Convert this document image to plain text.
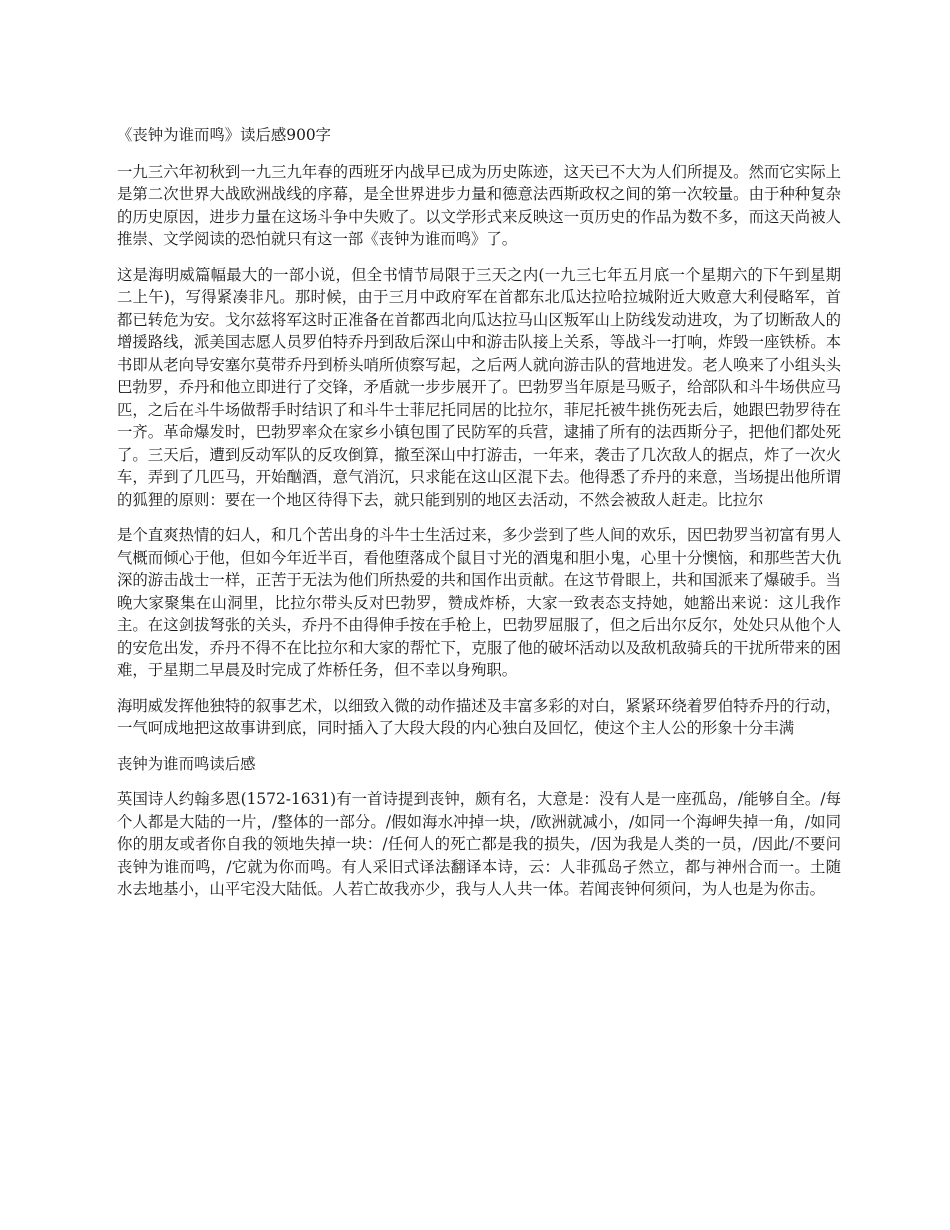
《丧钟为谁而鸣》读后感900字

一九三六年初秋到一九三九年春的西班牙内战早已成为历史陈迹，这天已不大为人们所提及。然而它实际上是第二次世界大战欧洲战线的序幕，是全世界进步力量和德意法西斯政权之间的第一次较量。由于种种复杂的历史原因，进步力量在这场斗争中失败了。以文学形式来反映这一页历史的作品为数不多，而这天尚被人推崇、文学阅读的恐怕就只有这一部《丧钟为谁而鸣》了。

这是海明威篇幅最大的一部小说，但全书情节局限于三天之内(一九三七年五月底一个星期六的下午到星期二上午)，写得紧凑非凡。那时候，由于三月中政府军在首都东北瓜达拉哈拉城附近大败意大利侵略军，首都已转危为安。戈尔兹将军这时正准备在首都西北向瓜达拉马山区叛军山上防线发动进攻，为了切断敌人的增援路线，派美国志愿人员罗伯特乔丹到敌后深山中和游击队接上关系，等战斗一打响，炸毁一座铁桥。本书即从老向导安塞尔莫带乔丹到桥头哨所侦察写起，之后两人就向游击队的营地进发。老人唤来了小组头头巴勃罗，乔丹和他立即进行了交锋，矛盾就一步步展开了。巴勃罗当年原是马贩子，给部队和斗牛场供应马匹，之后在斗牛场做帮手时结识了和斗牛士菲尼托同居的比拉尔，菲尼托被牛挑伤死去后，她跟巴勃罗待在一齐。革命爆发时，巴勃罗率众在家乡小镇包围了民防军的兵营，逮捕了所有的法西斯分子，把他们都处死了。三天后，遭到反动军队的反攻倒算，撤至深山中打游击，一年来，袭击了几次敌人的据点，炸了一次火车，弄到了几匹马，开始酗酒，意气消沉，只求能在这山区混下去。他得悉了乔丹的来意，当场提出他所谓的狐狸的原则：要在一个地区待得下去，就只能到别的地区去活动，不然会被敌人赶走。比拉尔

是个直爽热情的妇人，和几个苦出身的斗牛士生活过来，多少尝到了些人间的欢乐，因巴勃罗当初富有男人气概而倾心于他，但如今年近半百，看他堕落成个鼠目寸光的酒鬼和胆小鬼，心里十分懊恼，和那些苦大仇深的游击战士一样，正苦于无法为他们所热爱的共和国作出贡献。在这节骨眼上，共和国派来了爆破手。当晚大家聚集在山洞里，比拉尔带头反对巴勃罗，赞成炸桥，大家一致表态支持她，她豁出来说：这儿我作主。在这剑拔弩张的关头，乔丹不由得伸手按在手枪上，巴勃罗屈服了，但之后出尔反尔，处处只从他个人的安危出发，乔丹不得不在比拉尔和大家的帮忙下，克服了他的破坏活动以及敌机敌骑兵的干扰所带来的困难，于星期二早晨及时完成了炸桥任务，但不幸以身殉职。

海明威发挥他独特的叙事艺术，以细致入微的动作描述及丰富多彩的对白，紧紧环绕着罗伯特乔丹的行动，一气呵成地把这故事讲到底，同时插入了大段大段的内心独白及回忆，使这个主人公的形象十分丰满

丧钟为谁而鸣读后感

英国诗人约翰多恩(1572-1631)有一首诗提到丧钟，颇有名，大意是：没有人是一座孤岛，/能够自全。/每个人都是大陆的一片，/整体的一部分。/假如海水冲掉一块，/欧洲就减小，/如同一个海岬失掉一角，/如同你的朋友或者你自我的领地失掉一块：/任何人的死亡都是我的损失，/因为我是人类的一员，/因此/不要问丧钟为谁而鸣，/它就为你而鸣。有人采旧式译法翻译本诗，云：人非孤岛孑然立，都与神州合而一。土随水去地基小，山平宅没大陆低。人若亡故我亦少，我与人人共一体。若闻丧钟何须问，为人也是为你击。
